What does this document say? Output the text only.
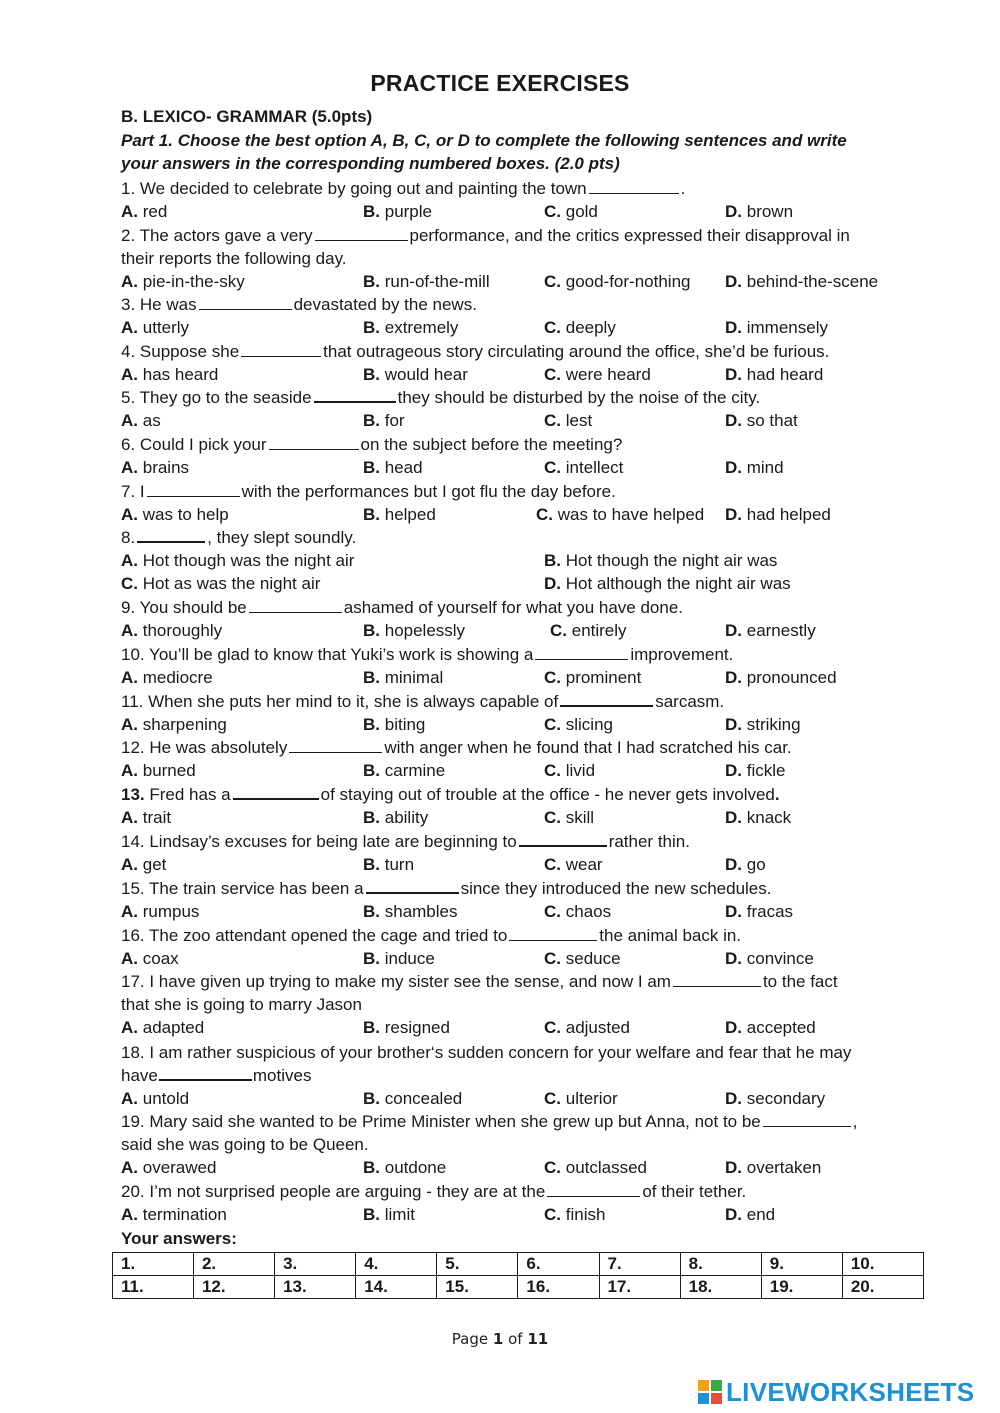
PRACTICE EXERCISES
B. LEXICO- GRAMMAR (5.0pts)
Part 1. Choose the best option A, B, C, or D to complete the following sentences and write
your answers in the corresponding numbered boxes. (2.0 pts)
1. We decided to celebrate by going out and painting the town	.
A. red	B. purple	C. gold	D. brown
2. The actors gave a very	performance, and the critics expressed their disapproval in
their reports the following day.
A. pie-in-the-sky	B. run-of-the-mill	C. good-for-nothing D. behind-the-scene
3. He was	devastated by the news.
A. utterly	B. extremely	C. deeply	D. immensely
4. Suppose she	that outrageous story circulating around the office, she’d be furious.
A. has heard	B. would hear	C. were heard	D. had heard
5. They go to the seaside	they should be disturbed by the noise of the city.
A. as	B. for	C. lest	D. so that
6. Could I pick your	on the subject before the meeting?
A. brains	B. head	C. intellect	D. mind
7. I	with the performances but I got flu the day before.
A. was to help	B. helped	C. was to have helped D. had helped
8.	, they slept soundly.
A. Hot though was the night air	B. Hot though the night air was
C. Hot as was the night air	D. Hot although the night air was
9. You should be	ashamed of yourself for what you have done.
A. thoroughly	B. hopelessly	C. entirely	D. earnestly
10. You’ll be glad to know that Yuki’s work is showing a	improvement.
A. mediocre	B. minimal	C. prominent	D. pronounced
11. When she puts her mind to it, she is always capable of	sarcasm.
A. sharpening	B. biting	C. slicing	D. striking
12. He was absolutely	with anger when he found that I had scratched his car.
A. burned	B. carmine	C. livid	D. fickle
13. Fred has a	of staying out of trouble at the office - he never gets involved.
A. trait	B. ability	C. skill	D. knack
14. Lindsay’s excuses for being late are beginning to	rather thin.
A. get	B. turn	C. wear	D. go
15. The train service has been a	since they introduced the new schedules.
A. rumpus	B. shambles	C. chaos	D. fracas
16. The zoo attendant opened the cage and tried to	the animal back in.
A. coax	B. induce	C. seduce	D. convince
17. I have given up trying to make my sister see the sense, and now I am	to the fact
that she is going to marry Jason
A. adapted	B. resigned	C. adjusted	D. accepted
18. I am rather suspicious of your brother‘s sudden concern for your welfare and fear that he may
have	motives
A. untold	B. concealed	C. ulterior	D. secondary
19. Mary said she wanted to be Prime Minister when she grew up but Anna, not to be	,
said she was going to be Queen.
A. overawed	B. outdone	C. outclassed	D. overtaken
20. I’m not surprised people are arguing - they are at the	of their tether.
A. termination	B. limit	C. finish	D. end
Your answers:
1.	2.	3.	4.	5.	6.	7.	8.	9.	10.
11.	12.	13.	14.	15.	16.	17.	18.	19.	20.
Page 1 of 11
LIVEWORKSHEETS
